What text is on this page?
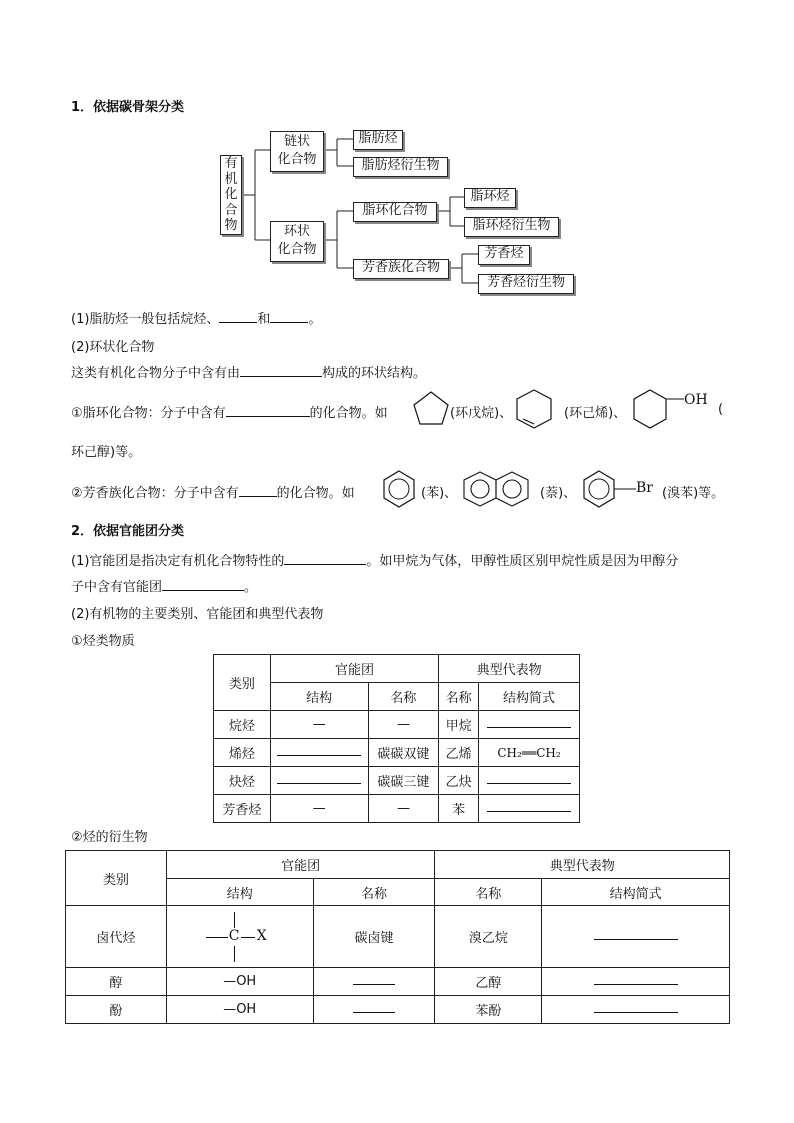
1．依据碳骨架分类
有
机
化
合
物
链状
化合物
环状
化合物
脂肪烃
脂肪烃衍生物
脂环化合物
脂环烃
脂环烃衍生物
芳香族化合物
芳香烃
芳香烃衍生物
(1)脂肪烃一般包括烷烃、	和	。
(2)环状化合物
这类有机化合物分子中含有由	构成的环状结构。
①脂环化合物：分子中含有	的化合物。如	(环戊烷)、	(环己烯)、
OH
(
环己醇)等。
②芳香族化合物：分子中含有	的化合物。如	(苯)、	(萘)、	Br (溴苯)等。
2．依据官能团分类
(1)官能团是指决定有机化合物特性的	。如甲烷为气体，甲醇性质区别甲烷性质是因为甲醇分
子中含有官能团	。
(2)有机物的主要类别、官能团和典型代表物
①烃类物质
类别	官能团		典型代表物	
	结构	名称	名称	结构简式
烷烃	—	—	甲烷	
烯烃		碳碳双键	乙烯	CH₂══CH₂
炔烃		碳碳三键	乙炔	
芳香烃	—	—	苯	
②烃的衍生物
类别	官能团		典型代表物	
	结构	名称	名称	结构简式
卤代烃	C X	碳卤键	溴乙烷	
醇	—OH		乙醇	
酚	—OH		苯酚	
